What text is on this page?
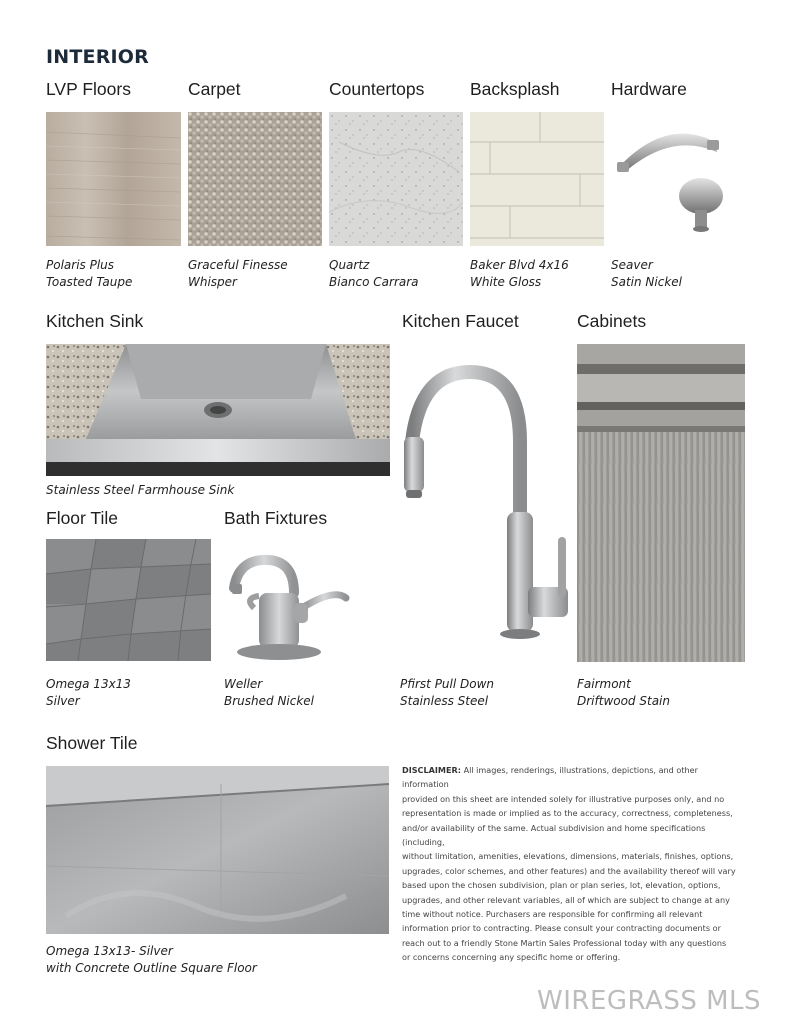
INTERIOR
LVP Floors	Carpet	Countertops	Backsplash	Hardware
Polaris Plus
Toasted Taupe
Graceful Finesse
Whisper
Quartz
Bianco Carrara
Baker Blvd 4x16
White Gloss
Seaver
Satin Nickel
Kitchen Sink	Kitchen Faucet	Cabinets
Stainless Steel Farmhouse Sink
Pfirst Pull Down
Stainless Steel
Fairmont
Driftwood Stain
Floor Tile	Bath Fixtures
Omega 13x13
Silver
Weller
Brushed Nickel
Shower Tile
Omega 13x13- Silver
with Concrete Outline Square Floor
DISCLAIMER: All images, renderings, illustrations, depictions, and other information
provided on this sheet are intended solely for illustrative purposes only, and no
representation is made or implied as to the accuracy, correctness, completeness,
and/or availability of the same. Actual subdivision and home specifications (including,
without limitation, amenities, elevations, dimensions, materials, finishes, options,
upgrades, color schemes, and other features) and the availability thereof will vary
based upon the chosen subdivision, plan or plan series, lot, elevation, options,
upgrades, and other relevant variables, all of which are subject to change at any
time without notice. Purchasers are responsible for confirming all relevant
information prior to contracting. Please consult your contracting documents or
reach out to a friendly Stone Martin Sales Professional today with any questions
or concerns concerning any specific home or offering.
WIREGRASS MLS
